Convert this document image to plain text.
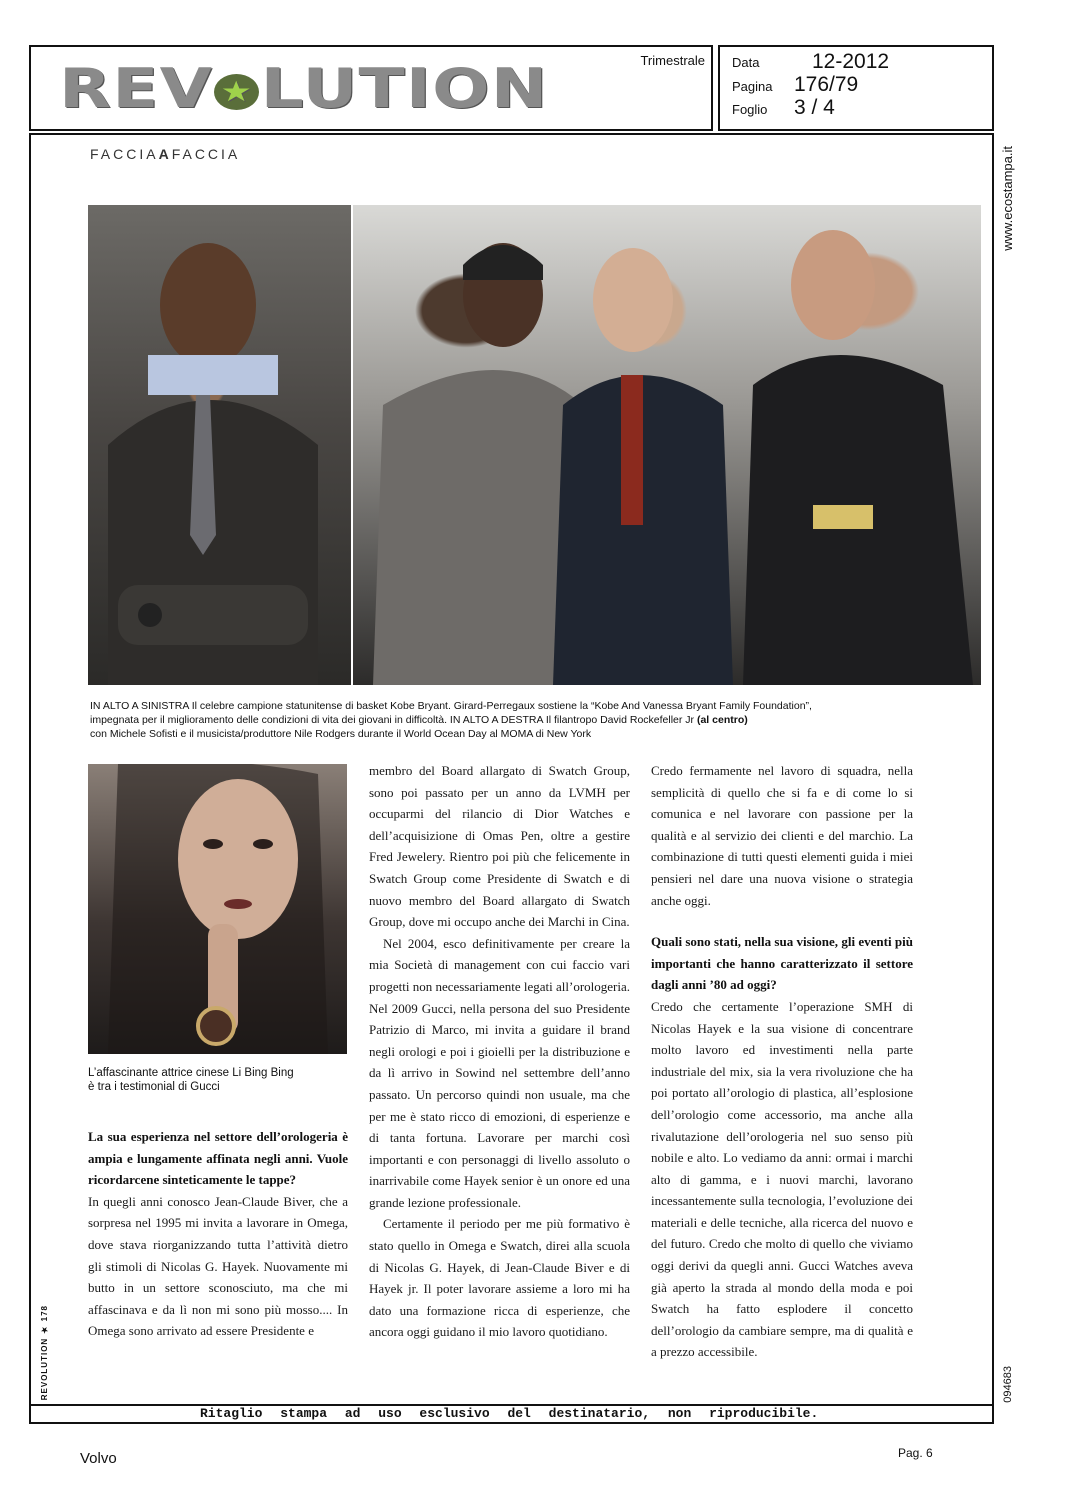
REV ★ LUTION	Trimestrale Data	12-2012
Pagina 176/79
Foglio 3 / 4
www.ecostampa.it
094683
FACCIAAFACCIA
IN ALTO A SINISTRA Il celebre campione statunitense di basket Kobe Bryant. Girard-Perregaux sostiene la “Kobe And Vanessa Bryant Family Foundation”,
impegnata per il miglioramento delle condizioni di vita dei giovani in difficoltà. IN ALTO A DESTRA Il filantropo David Rockefeller Jr (al centro)
con Michele Sofisti e il musicista/produttore Nile Rodgers durante il World Ocean Day al MOMA di New York
L’affascinante attrice cinese Li Bing Bing
è tra i testimonial di Gucci

La sua esperienza nel settore dell’orologeria è ampia e lungamente affinata negli anni. Vuole ricordarcene sinteticamente le tappe?

In quegli anni conosco Jean-Claude Biver, che a sorpresa nel 1995 mi invita a lavorare in Omega, dove stava riorganizzando tutta l’attività dietro gli stimoli di Nicolas G. Hayek. Nuovamente mi butto in un settore sconosciuto, ma che mi affascinava e da lì non mi sono più mosso.... In Omega sono arrivato ad essere Presidente e

membro del Board allargato di Swatch Group, sono poi passato per un anno da LVMH per occuparmi del rilancio di Dior Watches e dell’acquisizione di Omas Pen, oltre a gestire Fred Jewelery. Rientro poi più che felicemente in Swatch Group come Presidente di Swatch e di nuovo membro del Board allargato di Swatch Group, dove mi occupo anche dei Marchi in Cina.

Nel 2004, esco definitivamente per creare la mia Società di management con cui faccio vari progetti non necessariamente legati all’orologeria. Nel 2009 Gucci, nella persona del suo Presidente Patrizio di Marco, mi invita a guidare il brand negli orologi e poi i gioielli per la distribuzione e da lì arrivo in Sowind nel settembre dell’anno passato. Un percorso quindi non usuale, ma che per me è stato ricco di emozioni, di esperienze e di tanta fortuna. Lavorare per marchi così importanti e con personaggi di livello assoluto o inarrivabile come Hayek senior è un onore ed una grande lezione professionale.

Certamente il periodo per me più formativo è stato quello in Omega e Swatch, direi alla scuola di Nicolas G. Hayek, di Jean-Claude Biver e di Hayek jr. Il poter lavorare assieme a loro mi ha dato una formazione ricca di esperienze, che ancora oggi guidano il mio lavoro quotidiano.

Credo fermamente nel lavoro di squadra, nella semplicità di quello che si fa e di come lo si comunica e nel lavorare con passione per la qualità e al servizio dei clienti e del marchio. La combinazione di tutti questi elementi guida i miei pensieri nel dare una nuova visione o strategia anche oggi.

Quali sono stati, nella sua visione, gli eventi più importanti che hanno caratterizzato il settore dagli anni ’80 ad oggi?

Credo che certamente l’operazione SMH di Nicolas Hayek e la sua visione di concentrare molto lavoro ed investimenti nella parte industriale del mix, sia la vera rivoluzione che ha poi portato all’orologio di plastica, all’esplosione dell’orologio come accessorio, ma anche alla rivalutazione dell’orologeria nel suo senso più nobile e alto. Lo vediamo da anni: ormai i marchi alto di gamma, e i nuovi marchi, lavorano incessantemente sulla tecnologia, l’evoluzione dei materiali e delle tecniche, alla ricerca del nuovo e del futuro. Credo che molto di quello che viviamo oggi derivi da quegli anni. Gucci Watches aveva già aperto la strada al mondo della moda e poi Swatch ha fatto esplodere il concetto dell’orologio da cambiare sempre, ma di qualità e a prezzo accessibile.

REVOLUTION ★ 178
Ritaglio stampa ad uso esclusivo del destinatario, non riproducibile.
Volvo	Pag. 6
